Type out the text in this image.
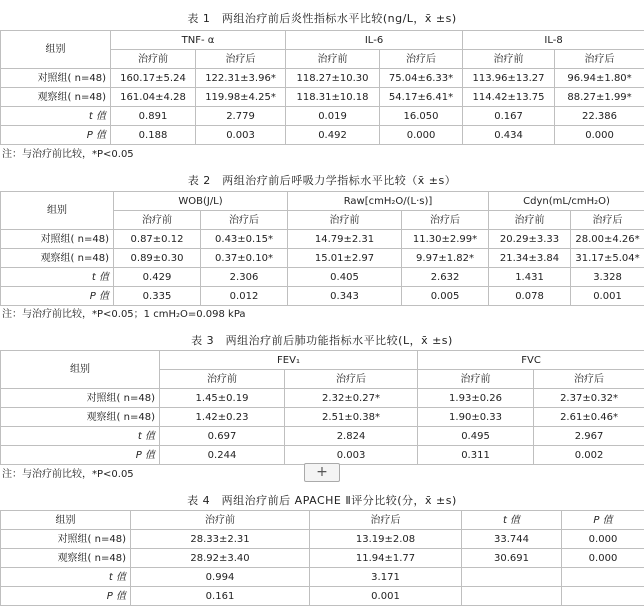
表 1　两组治疗前后炎性指标水平比较(ng/L，x̄ ±s)
组别	TNF- α		IL-6		IL-8	
	治疗前	治疗后	治疗前	治疗后	治疗前	治疗后
对照组( n=48)	160.17±5.24	122.31±3.96*	118.27±10.30	75.04±6.33*	113.96±13.27	96.94±1.80*
观察组( n=48)	161.04±4.28	119.98±4.25*	118.31±10.18	54.17±6.41*	114.42±13.75	88.27±1.99*
t 值	0.891	2.779	0.019	16.050	0.167	22.386
P 值	0.188	0.003	0.492	0.000	0.434	0.000
注：与治疗前比较，*P<0.05
表 2　两组治疗前后呼吸力学指标水平比较（x̄ ±s）
组别	WOB(J/L)		Raw[cmH₂O/(L·s)]		Cdyn(mL/cmH₂O)	
	治疗前	治疗后	治疗前	治疗后	治疗前	治疗后
对照组( n=48)	0.87±0.12	0.43±0.15*	14.79±2.31	11.30±2.99*	20.29±3.33	28.00±4.26*
观察组( n=48)	0.89±0.30	0.37±0.10*	15.01±2.97	9.97±1.82*	21.34±3.84	31.17±5.04*
t 值	0.429	2.306	0.405	2.632	1.431	3.328
P 值	0.335	0.012	0.343	0.005	0.078	0.001
注：与治疗前比较，*P<0.05；1 cmH₂O=0.098 kPa
表 3　两组治疗前后肺功能指标水平比较(L，x̄ ±s)
组别	FEV₁		FVC	
	治疗前	治疗后	治疗前	治疗后
对照组( n=48)	1.45±0.19	2.32±0.27*	1.93±0.26	2.37±0.32*
观察组( n=48)	1.42±0.23	2.51±0.38*	1.90±0.33	2.61±0.46*
t 值	0.697	2.824	0.495	2.967
P 值	0.244	0.003	0.311	0.002
注：与治疗前比较，*P<0.05	+
表 4　两组治疗前后 APACHE Ⅱ评分比较(分，x̄ ±s)
组别	治疗前	治疗后	t 值	P 值
对照组( n=48)	28.33±2.31	13.19±2.08	33.744	0.000
观察组( n=48)	28.92±3.40	11.94±1.77	30.691	0.000
t 值	0.994	3.171		
P 值	0.161	0.001		
